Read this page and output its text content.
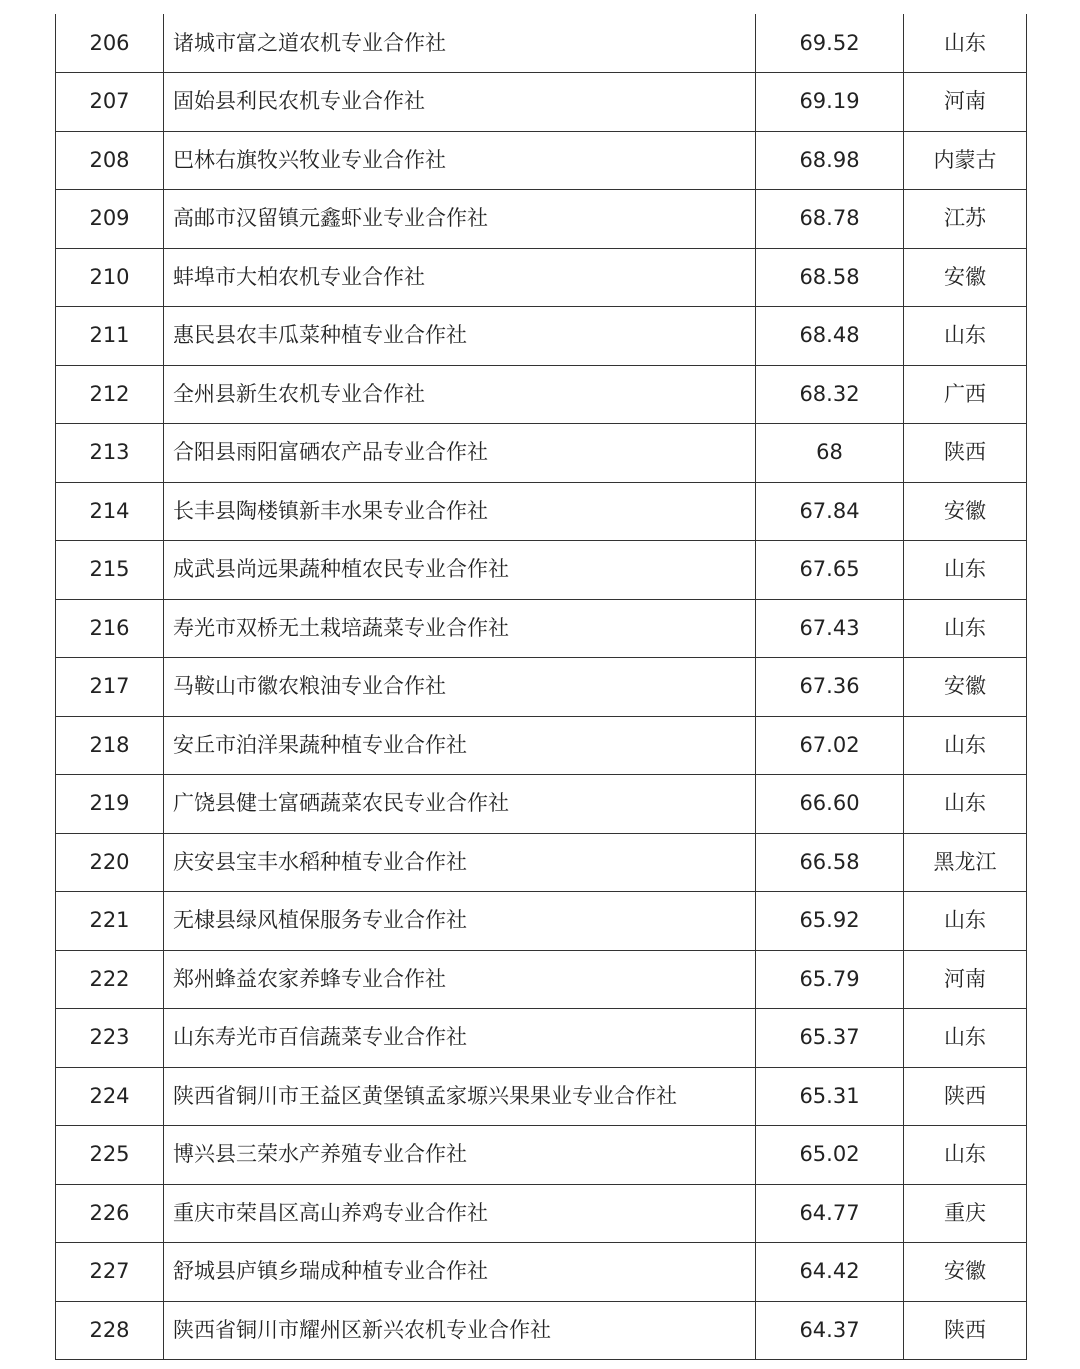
206	诸城市富之道农机专业合作社	69.52	山东
207	固始县利民农机专业合作社	69.19	河南
208	巴林右旗牧兴牧业专业合作社	68.98	内蒙古
209	高邮市汉留镇元鑫虾业专业合作社	68.78	江苏
210	蚌埠市大柏农机专业合作社	68.58	安徽
211	惠民县农丰瓜菜种植专业合作社	68.48	山东
212	全州县新生农机专业合作社	68.32	广西
213	合阳县雨阳富硒农产品专业合作社	68	陕西
214	长丰县陶楼镇新丰水果专业合作社	67.84	安徽
215	成武县尚远果蔬种植农民专业合作社	67.65	山东
216	寿光市双桥无土栽培蔬菜专业合作社	67.43	山东
217	马鞍山市徽农粮油专业合作社	67.36	安徽
218	安丘市泊洋果蔬种植专业合作社	67.02	山东
219	广饶县健士富硒蔬菜农民专业合作社	66.60	山东
220	庆安县宝丰水稻种植专业合作社	66.58	黑龙江
221	无棣县绿风植保服务专业合作社	65.92	山东
222	郑州蜂益农家养蜂专业合作社	65.79	河南
223	山东寿光市百信蔬菜专业合作社	65.37	山东
224	陕西省铜川市王益区黄堡镇孟家塬兴果果业专业合作社	65.31	陕西
225	博兴县三荣水产养殖专业合作社	65.02	山东
226	重庆市荣昌区高山养鸡专业合作社	64.77	重庆
227	舒城县庐镇乡瑞成种植专业合作社	64.42	安徽
228	陕西省铜川市耀州区新兴农机专业合作社	64.37	陕西
